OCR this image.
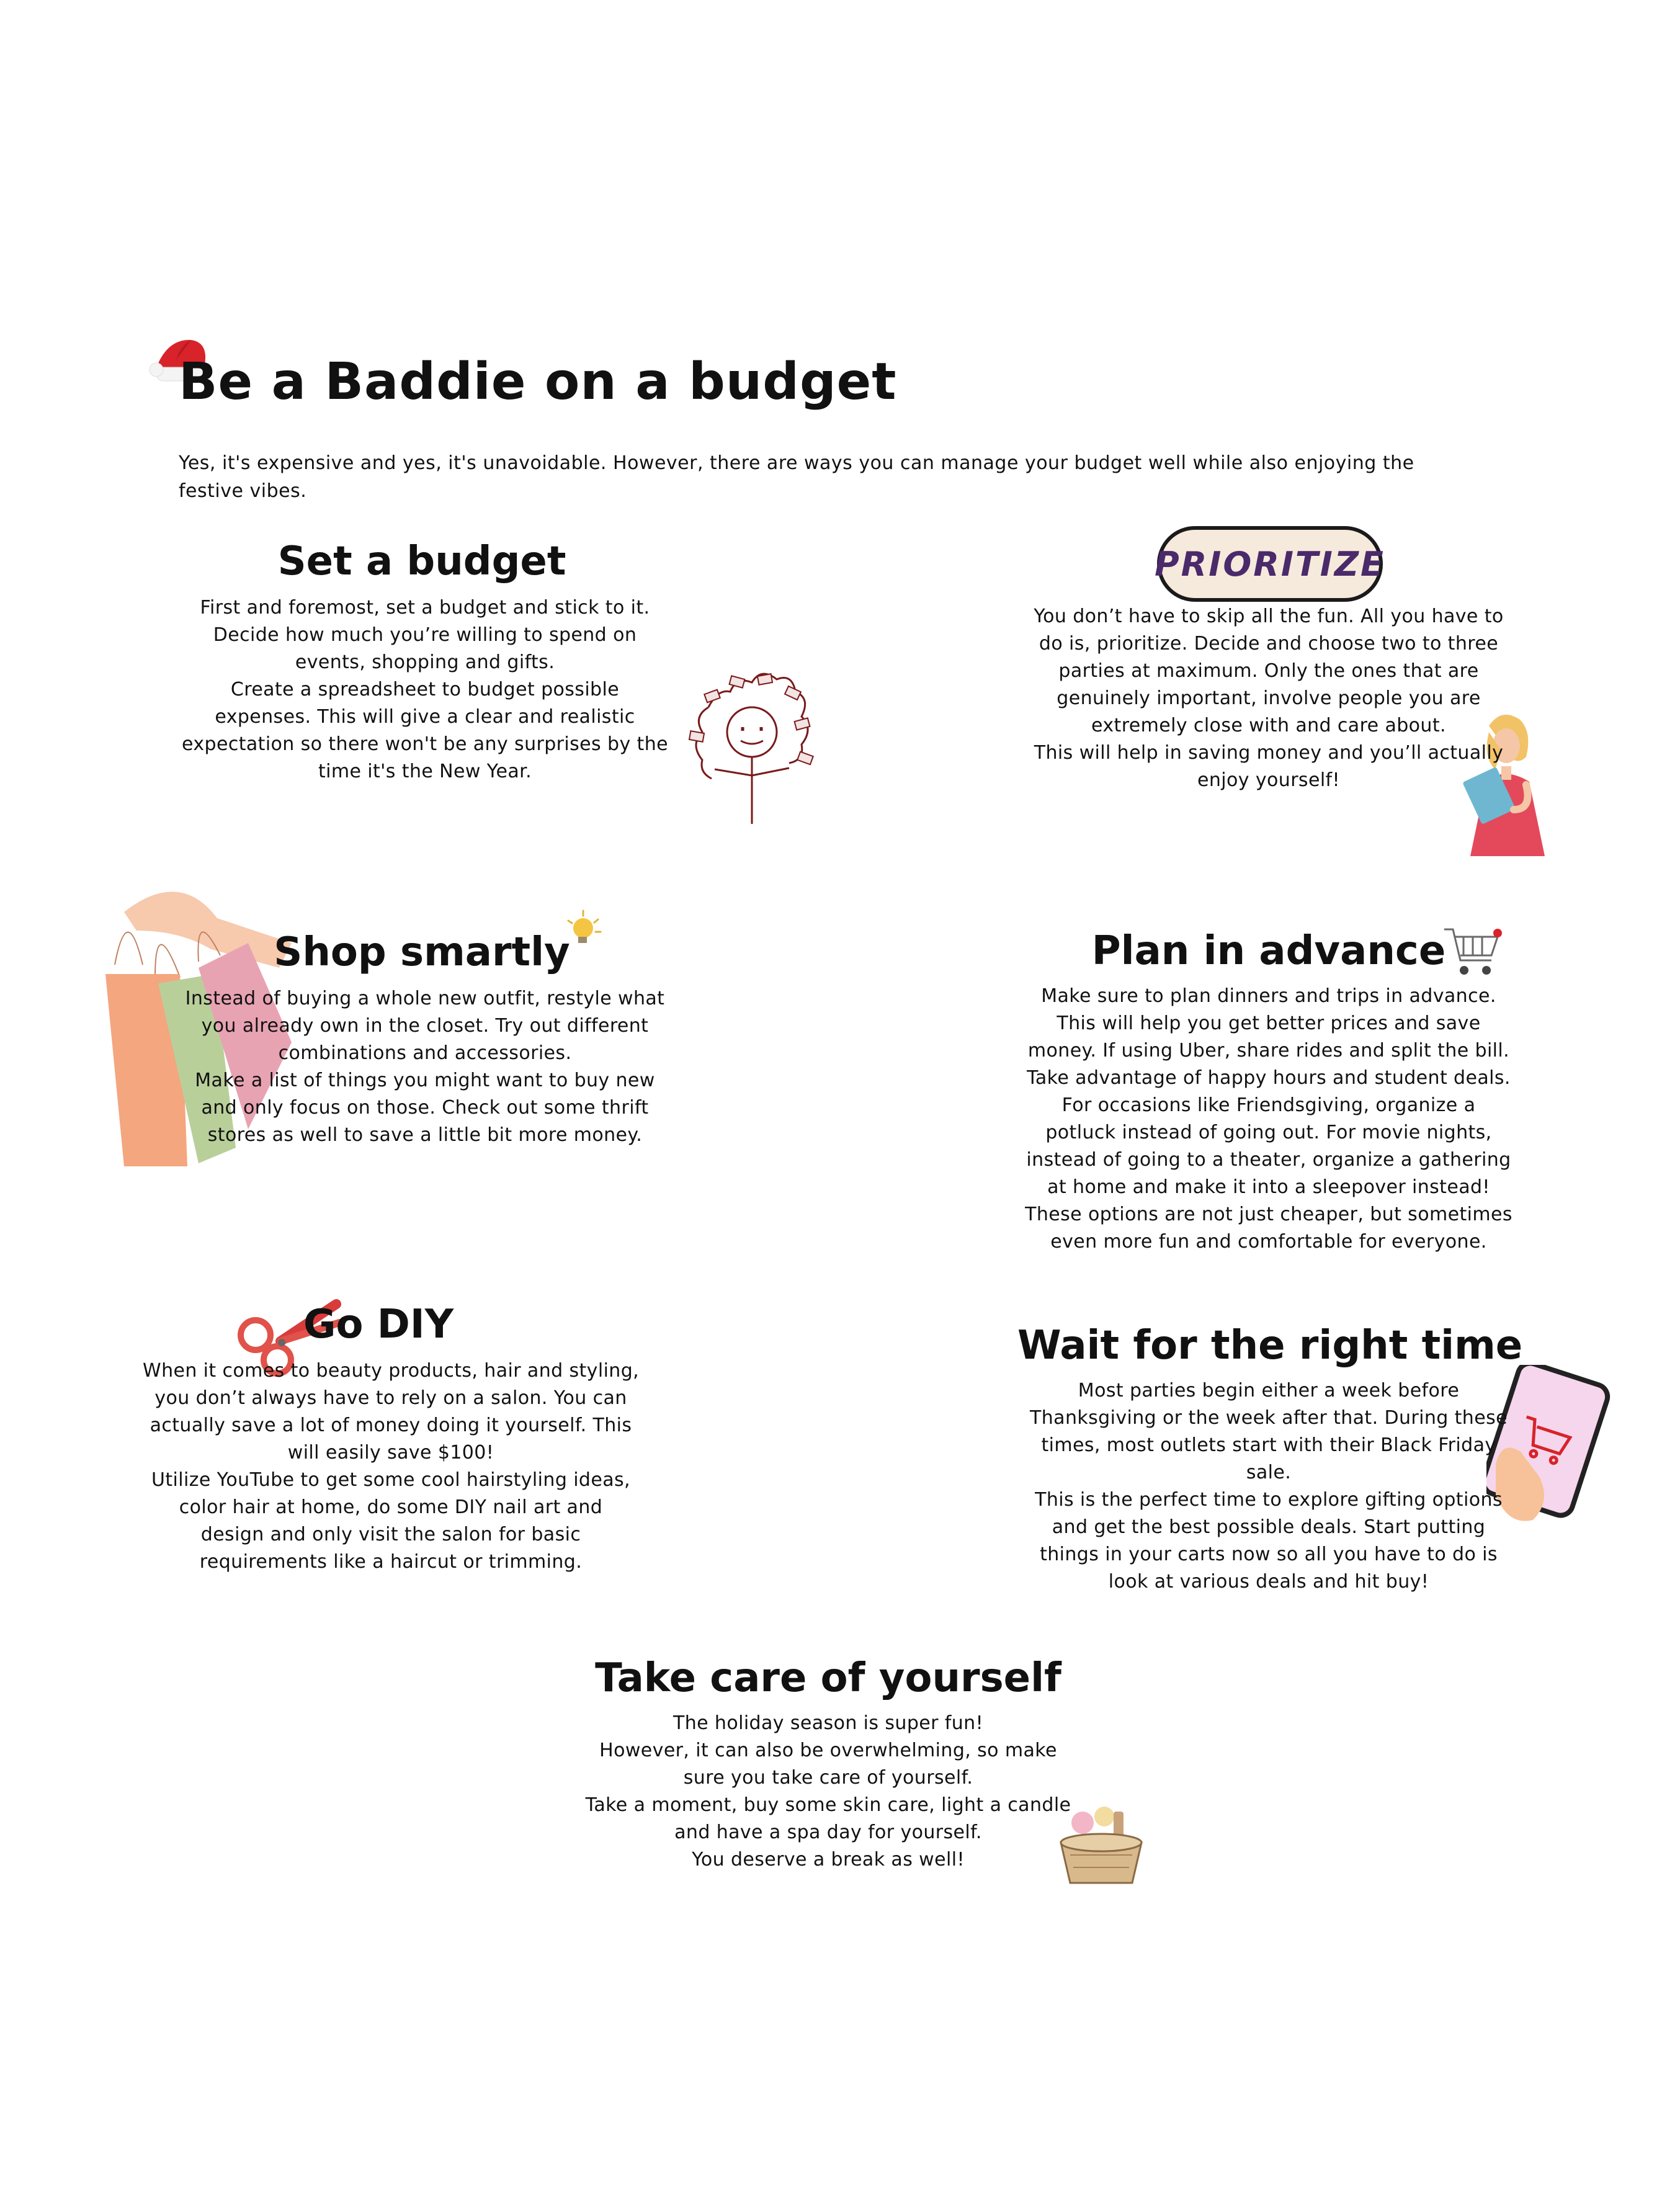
Be a Baddie on a budget
Yes, it's expensive and yes, it's unavoidable. However, there are ways you can manage your budget well while also enjoying the festive vibes.
Set a budget
First and foremost, set a budget and stick to it.
Decide how much you’re willing to spend on
events, shopping and gifts.
Create a spreadsheet to budget possible
expenses. This will give a clear and realistic
expectation so there won't be any surprises by the
time it's the New Year.
PRIORITIZE
You don’t have to skip all the fun. All you have to
do is, prioritize. Decide and choose two to three
parties at maximum. Only the ones that are
genuinely important, involve people you are
extremely close with and care about.
This will help in saving money and you’ll actually
enjoy yourself!
Shop smartly
Instead of buying a whole new outfit, restyle what
you already own in the closet. Try out different
combinations and accessories.
Make a list of things you might want to buy new
and only focus on those. Check out some thrift
stores as well to save a little bit more money.
Plan in advance
Make sure to plan dinners and trips in advance.
This will help you get better prices and save
money. If using Uber, share rides and split the bill.
Take advantage of happy hours and student deals.
For occasions like Friendsgiving, organize a
potluck instead of going out. For movie nights,
instead of going to a theater, organize a gathering
at home and make it into a sleepover instead!
These options are not just cheaper, but sometimes
even more fun and comfortable for everyone.
Go DIY
When it comes to beauty products, hair and styling,
you don’t always have to rely on a salon. You can
actually save a lot of money doing it yourself. This
will easily save $100!
Utilize YouTube to get some cool hairstyling ideas,
color hair at home, do some DIY nail art and
design and only visit the salon for basic
requirements like a haircut or trimming.
Wait for the right time
Most parties begin either a week before
Thanksgiving or the week after that. During these
times, most outlets start with their Black Friday
sale.
This is the perfect time to explore gifting options
and get the best possible deals. Start putting
things in your carts now so all you have to do is
look at various deals and hit buy!
Take care of yourself
The holiday season is super fun!
However, it can also be overwhelming, so make
sure you take care of yourself.
Take a moment, buy some skin care, light a candle
and have a spa day for yourself.
You deserve a break as well!
